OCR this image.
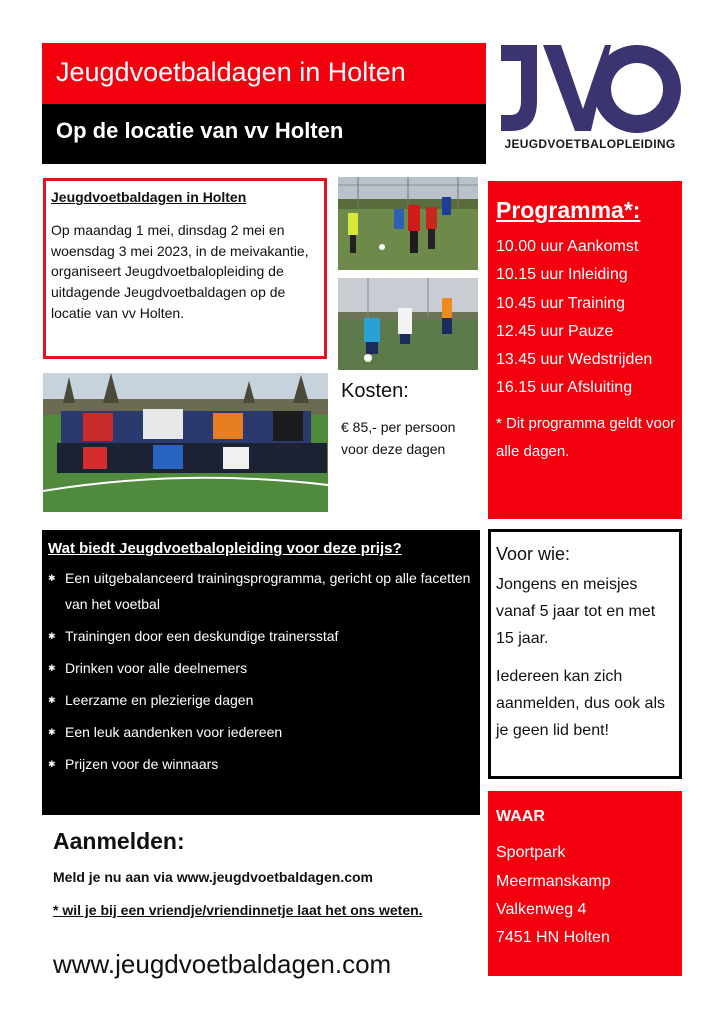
Jeugdvoetbaldagen in Holten
Op de locatie van vv Holten
JEUGDVOETBALOPLEIDING
Jeugdvoetbaldagen in Holten
Op maandag 1 mei, dinsdag 2 mei en woensdag 3 mei 2023, in de meivakantie, organiseert Jeugdvoetbalopleiding de uitdagende Jeugdvoetbaldagen op de locatie van vv Holten.
Kosten:
€ 85,- per persoon voor deze dagen
Programma*:
10.00 uur Aankomst
10.15 uur Inleiding
10.45 uur Training
12.45 uur Pauze
13.45 uur Wedstrijden
16.15 uur Afsluiting
* Dit programma geldt voor alle dagen.
Wat biedt Jeugdvoetbalopleiding voor deze prijs?
✱ Een uitgebalanceerd trainingsprogramma, gericht op alle facetten van het voetbal
✱ Trainingen door een deskundige trainersstaf
✱ Drinken voor alle deelnemers
✱ Leerzame en plezierige dagen
✱ Een leuk aandenken voor iedereen
✱ Prijzen voor de winnaars
Voor wie:
Jongens en meisjes vanaf 5 jaar tot en met 15 jaar.
Iedereen kan zich aanmelden, dus ook als je geen lid bent!
Aanmelden:
Meld je nu aan via www.jeugdvoetbaldagen.com
* wil je bij een vriendje/vriendinnetje laat het ons weten.
www.jeugdvoetbaldagen.com
WAAR
Sportpark
Meermanskamp
Valkenweg 4
7451 HN Holten
